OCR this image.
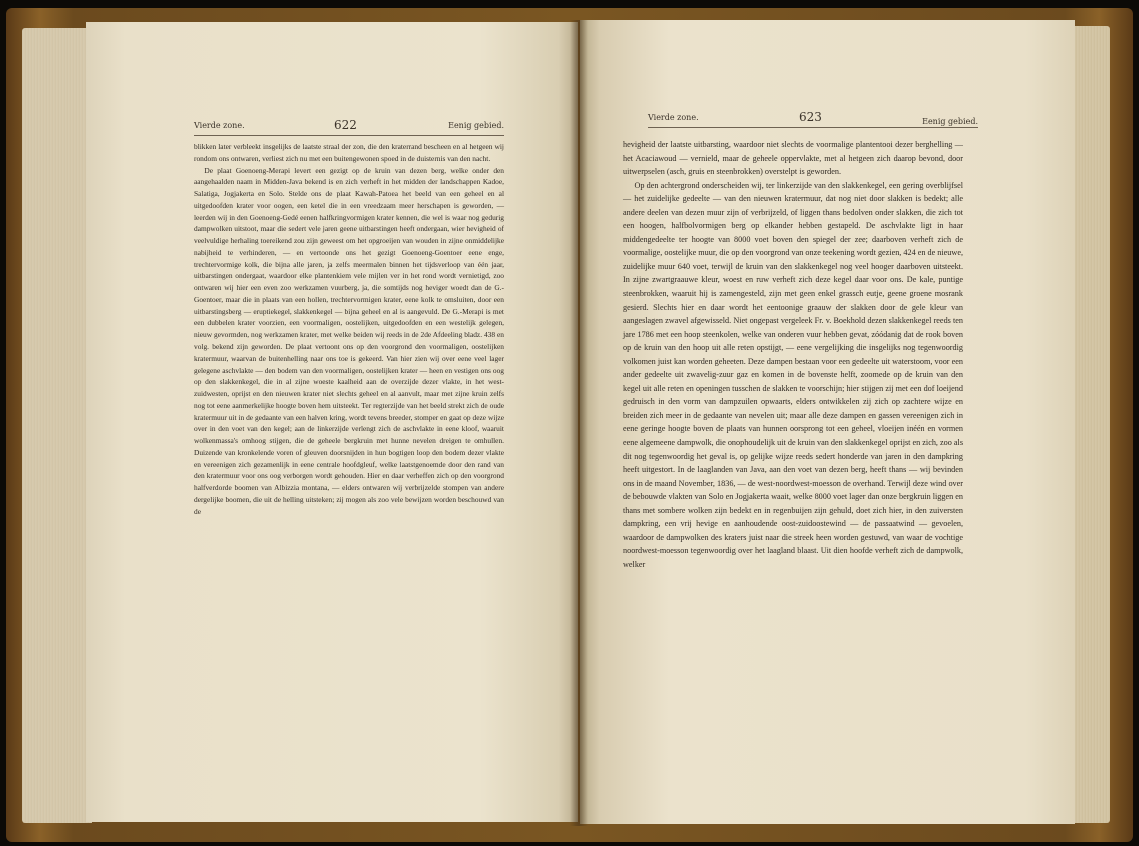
Vierde zone.	622	Eenig gebied.

blikken later verbleekt insgelijks de laatste straal der zon, die den kraterrand bescheen en al hetgeen wij rondom ons ontwaren, verliest zich nu met een buitengewonen spoed in de duisternis van den nacht.

De plaat Goenoeng-Merapi levert een gezigt op de kruin van dezen berg, welke onder den aangehaalden naam in Midden-Java bekend is en zich verheft in het midden der landschappen Kadoe, Salatiga, Jogjakerta en Solo. Stelde ons de plaat Kawah-Patoea het beeld van een geheel en al uitgedoofden krater voor oogen, een ketel die in een vreedzaam meer herschapen is geworden, — leerden wij in den Goenoeng-Gedé eenen halfkringvormigen krater kennen, die wel is waar nog gedurig dampwolken uitstoot, maar die sedert vele jaren geene uitbarstingen heeft ondergaan, wier hevigheid of veelvuldige herhaling toereikend zou zijn geweest om het opgroeijen van wouden in zijne onmiddelijke nabijheid te verhinderen, — en vertoonde ons het gezigt Goenoeng-Goentoer eene enge, trechtervormige kolk, die bijna alle jaren, ja zelfs meermalen binnen het tijdsverloop van één jaar, uitbarstingen ondergaat, waardoor elke plantenkiem vele mijlen ver in het rond wordt vernietigd, zoo ontwaren wij hier een even zoo werkzamen vuurberg, ja, die somtijds nog heviger woedt dan de G.-Goentoer, maar die in plaats van een hollen, trechtervormigen krater, eene kolk te omsluiten, door een uitbarstingsberg — eruptiekegel, slakkenkegel — bijna geheel en al is aangevuld. De G.-Merapi is met een dubbelen krater voorzien, een voormaligen, oostelijken, uitgedoofden en een westelijk gelegen, nieuw gevormden, nog werkzamen krater, met welke beiden wij reeds in de 2de Afdeeling bladz. 438 en volg. bekend zijn geworden. De plaat vertoont ons op den voorgrond den voormaligen, oostelijken kratermuur, waarvan de buitenhelling naar ons toe is gekeerd. Van hier zien wij over eene veel lager gelegene aschvlakte — den bodem van den voormaligen, oostelijken krater — heen en vestigen ons oog op den slakkenkegel, die in al zijne woeste kaalheid aan de overzijde dezer vlakte, in het west-zuidwesten, oprijst en den nieuwen krater niet slechts geheel en al aanvult, maar met zijne kruin zelfs nog tot eene aanmerkelijke hoogte boven hem uitsteekt. Ter regterzijde van het beeld strekt zich de oude kratermuur uit in de gedaante van een halven kring, wordt tevens breeder, stomper en gaat op deze wijze over in den voet van den kegel; aan de linkerzijde verlengt zich de aschvlakte in eene kloof, waaruit wolkenmassa's omhoog stijgen, die de geheele bergkruin met hunne nevelen dreigen te omhullen. Duizende van kronkelende voren of gleuven doorsnijden in hun bogtigen loop den bodem dezer vlakte en vereenigen zich gezamenlijk in eene centrale hoofdgleuf, welke laatstgenoemde door den rand van den kratermuur voor ons oog verborgen wordt gehouden. Hier en daar verheffen zich op den voorgrond halfverdorde boomen van Albizzia montana, — elders ontwaren wij verbrijzelde stompen van andere dergelijke boomen, die uit de helling uitsteken; zij mogen als zoo vele bewijzen worden beschouwd van de

Vierde zone.	623	Eenig gebied.

hevigheid der laatste uitbarsting, waardoor niet slechts de voormalige plantentooi dezer berghelling — het Acaciawoud — vernield, maar de geheele oppervlakte, met al hetgeen zich daarop bevond, door uitwerpselen (asch, gruis en steenbrokken) overstelpt is geworden.

Op den achtergrond onderscheiden wij, ter linkerzijde van den slakkenkegel, een gering overblijfsel — het zuidelijke gedeelte — van den nieuwen kratermuur, dat nog niet door slakken is bedekt; alle andere deelen van dezen muur zijn of verbrijzeld, of liggen thans bedolven onder slakken, die zich tot een hoogen, halfbolvormigen berg op elkander hebben gestapeld. De aschvlakte ligt in haar middengedeelte ter hoogte van 8000 voet boven den spiegel der zee; daarboven verheft zich de voormalige, oostelijke muur, die op den voorgrond van onze teekening wordt gezien, 424 en de nieuwe, zuidelijke muur 640 voet, terwijl de kruin van den slakkenkegel nog veel hooger daarboven uitsteekt. In zijne zwartgraauwe kleur, woest en ruw verheft zich deze kegel daar voor ons. De kale, puntige steenbrokken, waaruit hij is zamengesteld, zijn met geen enkel grassch eutje, geene groene mosrank gesierd. Slechts hier en daar wordt het eentoonige graauw der slakken door de gele kleur van aangeslagen zwavel afgewisseld. Niet ongepast vergeleek Fr. v. Boekhold dezen slakkenkegel reeds ten jare 1786 met een hoop steenkolen, welke van onderen vuur hebben gevat, zóódanig dat de rook boven op de kruin van den hoop uit alle reten opstijgt, — eene vergelijking die insgelijks nog tegenwoordig volkomen juist kan worden geheeten. Deze dampen bestaan voor een gedeelte uit waterstoom, voor een ander gedeelte uit zwavelig-zuur gaz en komen in de bovenste helft, zoomede op de kruin van den kegel uit alle reten en openingen tusschen de slakken te voorschijn; hier stijgen zij met een dof loeijend gedruisch in den vorm van dampzuilen opwaarts, elders ontwikkelen zij zich op zachtere wijze en breiden zich meer in de gedaante van nevelen uit; maar alle deze dampen en gassen vereenigen zich in eene geringe hoogte boven de plaats van hunnen oorsprong tot een geheel, vloeijen inéén en vormen eene algemeene dampwolk, die onophoudelijk uit de kruin van den slakkenkegel oprijst en zich, zoo als dit nog tegenwoordig het geval is, op gelijke wijze reeds sedert honderde van jaren in den dampkring heeft uitgestort. In de laaglanden van Java, aan den voet van dezen berg, heeft thans — wij bevinden ons in de maand November, 1836, — de west-noordwest-moesson de overhand. Terwijl deze wind over de bebouwde vlakten van Solo en Jogjakerta waait, welke 8000 voet lager dan onze bergkruin liggen en thans met sombere wolken zijn bedekt en in regenbuijen zijn gehuld, doet zich hier, in den zuiversten dampkring, een vrij hevige en aanhoudende oost-zuidoostewind — de passaatwind — gevoelen, waardoor de dampwolken des kraters juist naar die streek heen worden gestuwd, van waar de vochtige noordwest-moesson tegenwoordig over het laagland blaast. Uit dien hoofde verheft zich de dampwolk, welker
